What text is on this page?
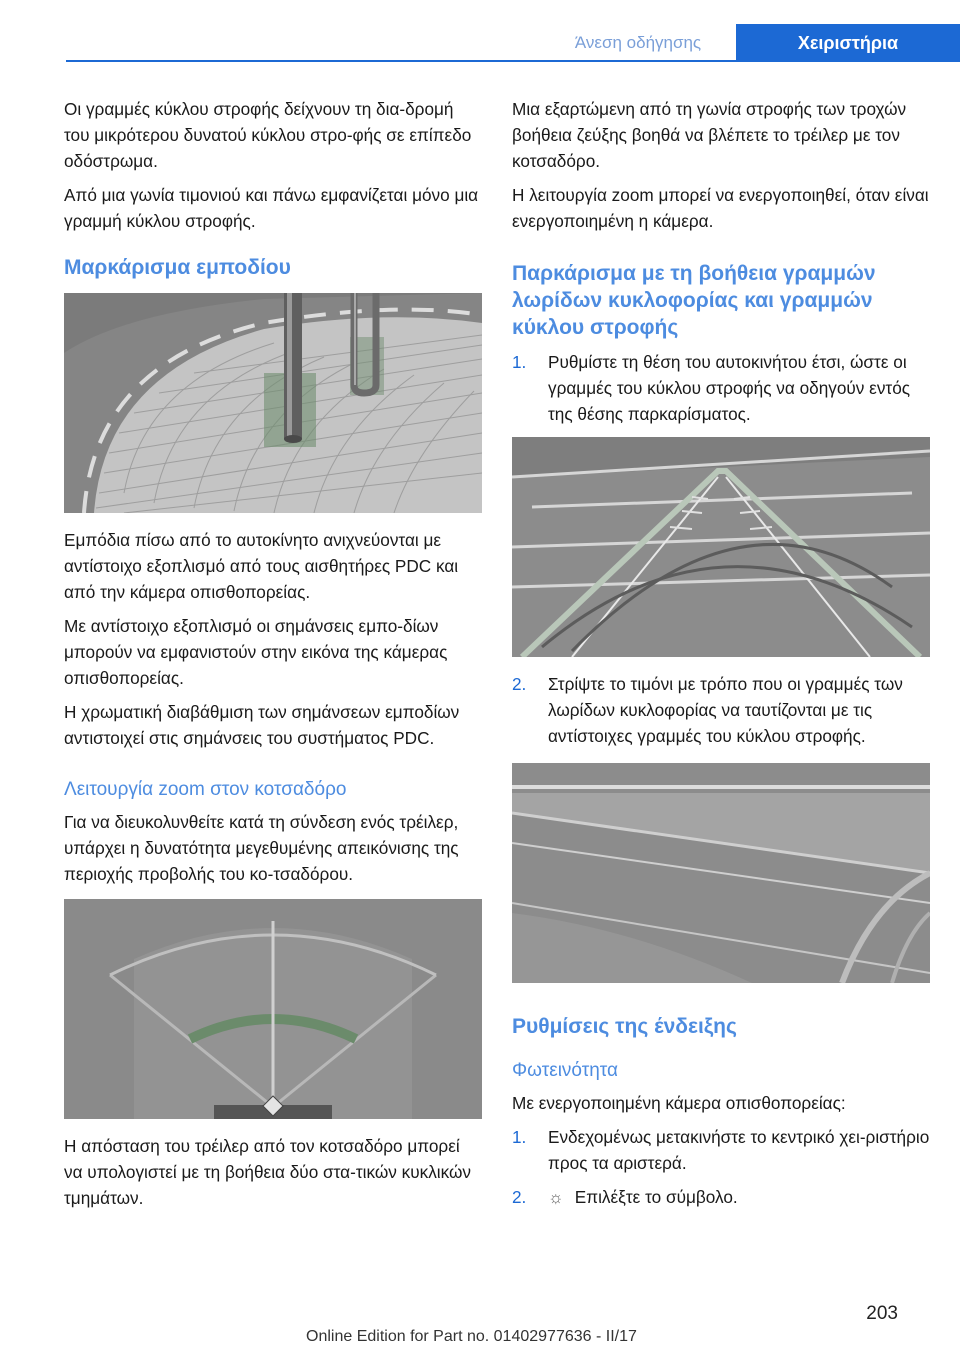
Άνεση οδήγησης	Χειριστήρια

Οι γραμμές κύκλου στροφής δείχνουν τη δια-δρομή του μικρότερου δυνατού κύκλου στρο-φής σε επίπεδο οδόστρωμα.

Από μια γωνία τιμονιού και πάνω εμφανίζεται μόνο μια γραμμή κύκλου στροφής.

Μαρκάρισμα εμποδίου

Εμπόδια πίσω από το αυτοκίνητο ανιχνεύονται με αντίστοιχο εξοπλισμό από τους αισθητήρες PDC και από την κάμερα οπισθοπορείας.

Με αντίστοιχο εξοπλισμό οι σημάνσεις εμπο-δίων μπορούν να εμφανιστούν στην εικόνα της κάμερας οπισθοπορείας.

Η χρωματική διαβάθμιση των σημάνσεων εμποδίων αντιστοιχεί στις σημάνσεις του συστήματος PDC.

Λειτουργία zoom στον κοτσαδόρο

Για να διευκολυνθείτε κατά τη σύνδεση ενός τρέιλερ, υπάρχει η δυνατότητα μεγεθυμένης απεικόνισης της περιοχής προβολής του κο-τσαδόρου.

Η απόσταση του τρέιλερ από τον κοτσαδόρο μπορεί να υπολογιστεί με τη βοήθεια δύο στα-τικών κυκλικών τμημάτων.

Μια εξαρτώμενη από τη γωνία στροφής των τροχών βοήθεια ζεύξης βοηθά να βλέπετε το τρέιλερ με τον κοτσαδόρο.

Η λειτουργία zoom μπορεί να ενεργοποιηθεί, όταν είναι ενεργοποιημένη η κάμερα.

Παρκάρισμα με τη βοήθεια γραμμών λωρίδων κυκλοφορίας και γραμμών κύκλου στροφής
1. Ρυθμίστε τη θέση του αυτοκινήτου έτσι, ώστε οι γραμμές του κύκλου στροφής να οδηγούν εντός της θέσης παρκαρίσματος.
2. Στρίψτε το τιμόνι με τρόπο που οι γραμμές των λωρίδων κυκλοφορίας να ταυτίζονται με τις αντίστοιχες γραμμές του κύκλου στροφής.
Ρυθμίσεις της ένδειξης
Φωτεινότητα

Με ενεργοποιημένη κάμερα οπισθοπορείας:

1. Ενδεχομένως μετακινήστε το κεντρικό χει-ριστήριο προς τα αριστερά.
2. ☼ Επιλέξτε το σύμβολο.
203
Online Edition for Part no. 01402977636 - II/17
